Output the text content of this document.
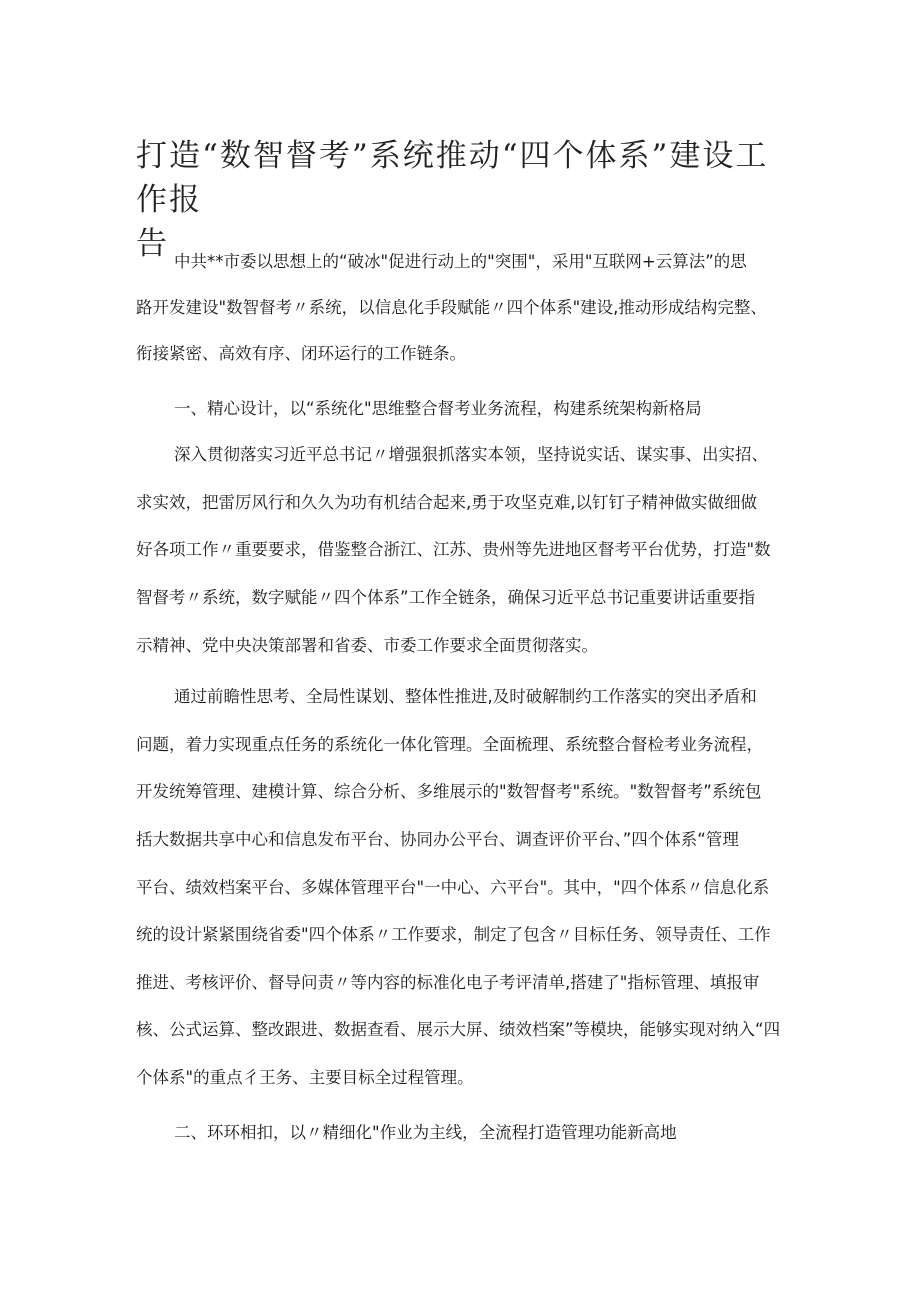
打造“数智督考”系统推动“四个体系”建设工作报
告 中共**市委以思想上的“破冰"促进行动上的"突围"，采用"互联网+云算法”的思
路开发建设"数智督考〃系统，以信息化手段赋能〃四个体系"建设,推动形成结构完整、
衔接紧密、高效有序、闭环运行的工作链条。
一、精心设计，以“系统化"思维整合督考业务流程，构建系统架构新格局
深入贯彻落实习近平总书记〃增强狠抓落实本领，坚持说实话、谋实事、出实招、
求实效，把雷厉风行和久久为功有机结合起来,勇于攻坚克难,以钉钉子精神做实做细做
好各项工作〃重要要求，借鉴整合浙江、江苏、贵州等先进地区督考平台优势，打造"数
智督考〃系统，数字赋能〃四个体系”工作全链条，确保习近平总书记重要讲话重要指
示精神、党中央决策部署和省委、市委工作要求全面贯彻落实。
通过前瞻性思考、全局性谋划、整体性推进,及时破解制约工作落实的突出矛盾和
问题，着力实现重点任务的系统化一体化管理。全面梳理、系统整合督检考业务流程，
开发统筹管理、建模计算、综合分析、多维展示的"数智督考"系统。"数智督考”系统包
括大数据共享中心和信息发布平台、协同办公平台、调查评价平台、”四个体系“管理
平台、绩效档案平台、多媒体管理平台"一中心、六平台"。其中，"四个体系〃信息化系
统的设计紧紧围绕省委"四个体系〃工作要求，制定了包含〃目标任务、领导责任、工作
推进、考核评价、督导问责〃等内容的标准化电子考评清单,搭建了"指标管理、填报审
核、公式运算、整改跟进、数据查看、展示大屏、绩效档案”等模块，能够实现对纳入“四
个体系"的重点彳王务、主要目标全过程管理。
二、环环相扣，以〃精细化"作业为主线，全流程打造管理功能新高地
